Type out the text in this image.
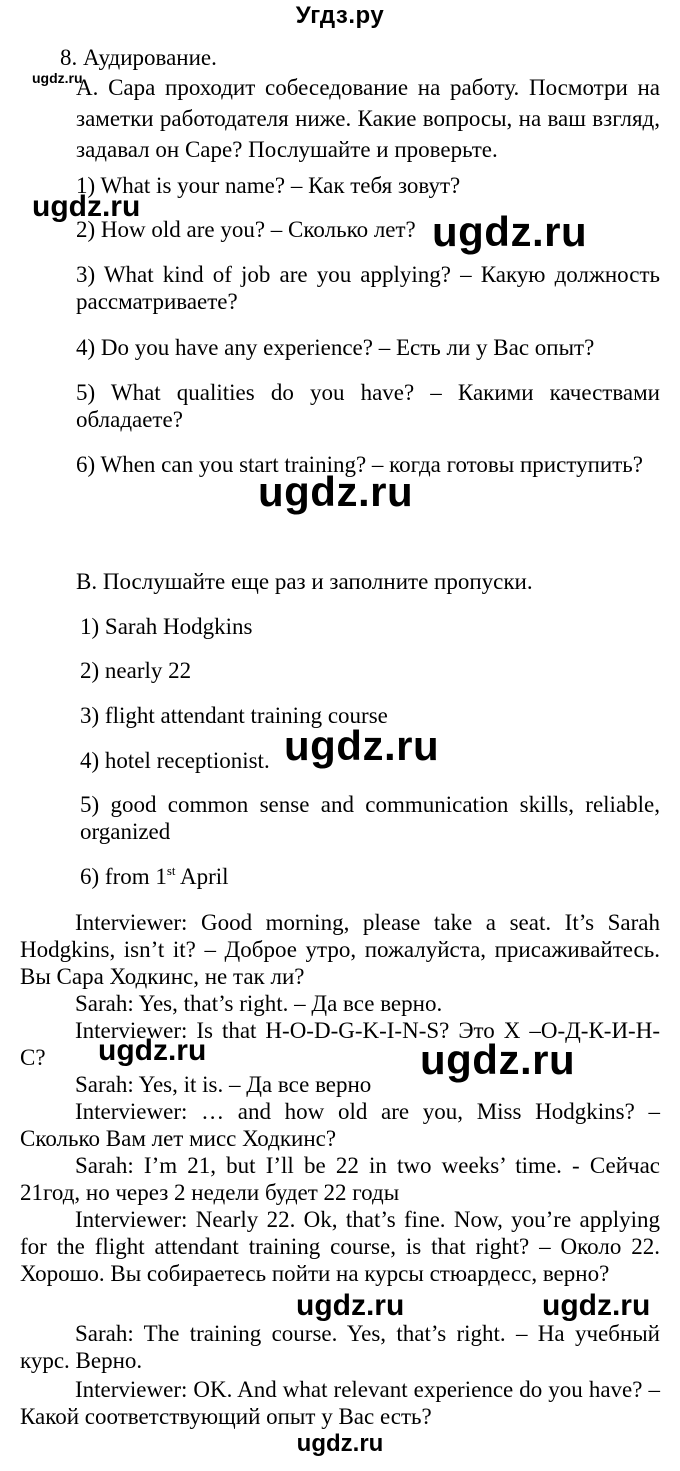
Угдз.ру
8. Аудирование.
А. Сара проходит собеседование на работу. Посмотри на заметки работодателя ниже. Какие вопросы, на ваш взгляд, задавал он Саре? Послушайте и проверьте.
1) What is your name? – Как тебя зовут?
2) How old are you? – Сколько лет?
3) What kind of job are you applying? – Какую должность рассматриваете?
4) Do you have any experience? – Есть ли у Вас опыт?
5) What qualities do you have? – Какими качествами обладаете?
6) When can you start training? – когда готовы приступить?
B. Послушайте еще раз и заполните пропуски.
1) Sarah Hodgkins
2) nearly 22
3) flight attendant training course
4) hotel receptionist.
5) good common sense and communication skills, reliable, organized
6) from 1st April
Interviewer: Good morning, please take a seat. It’s Sarah Hodgkins, isn’t it? – Доброе утро, пожалуйста, присаживайтесь. Вы Сара Ходкинс, не так ли?
Sarah: Yes, that’s right. – Да все верно.
Interviewer: Is that H-O-D-G-K-I-N-S? Это Х –О-Д-К-И-Н-С?
Sarah: Yes, it is. – Да все верно
Interviewer: … and how old are you, Miss Hodgkins? – Сколько Вам лет мисс Ходкинс?
Sarah: I’m 21, but I’ll be 22 in two weeks’ time. - Сейчас 21год, но через 2 недели будет 22 годы
Interviewer: Nearly 22. Ok, that’s fine. Now, you’re applying for the flight attendant training course, is that right? – Около 22. Хорошо. Вы собираетесь пойти на курсы стюардесс, верно?
Sarah: The training course. Yes, that’s right. – На учебный курс. Верно.
Interviewer: OK. And what relevant experience do you have? – Какой соответствующий опыт у Вас есть?
ugdz.ru
ugdz.ru
ugdz.ru
ugdz.ru
ugdz.ru
ugdz.ru	ugdz.ru
ugdz.ru	ugdz.ru
ugdz.ru
